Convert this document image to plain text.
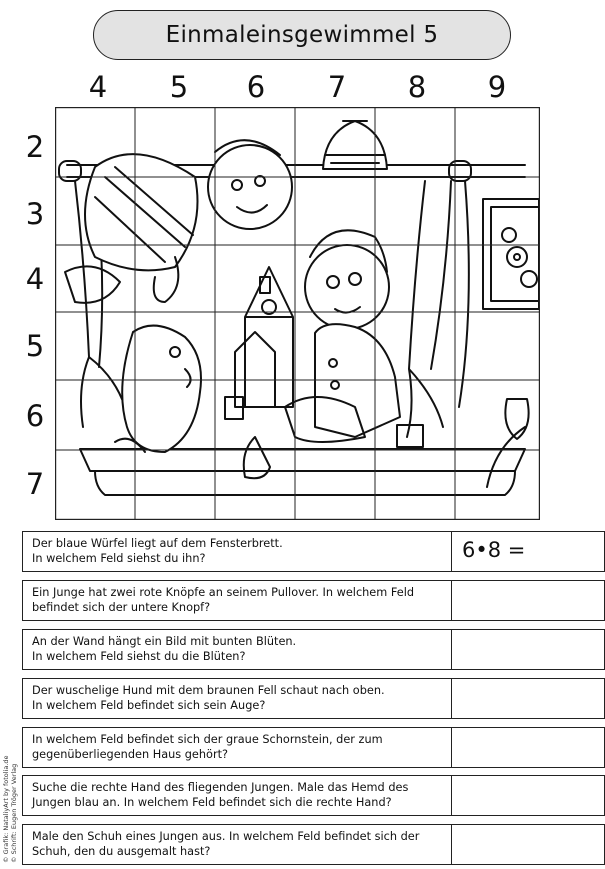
Einmaleinsgewimmel 5
4	5	6	7	8	9
2
3
4
5
6
7
Der blaue Würfel liegt auf dem Fensterbrett.
In welchem Feld siehst du ihn?	6•8 =
Ein Junge hat zwei rote Knöpfe an seinem Pullover. In welchem Feld
befindet sich der untere Knopf?
An der Wand hängt ein Bild mit bunten Blüten.
In welchem Feld siehst du die Blüten?
Der wuschelige Hund mit dem braunen Fell schaut nach oben.
In welchem Feld befindet sich sein Auge?
In welchem Feld befindet sich der graue Schornstein, der zum
gegenüberliegenden Haus gehört?
Suche die rechte Hand des fliegenden Jungen. Male das Hemd des
Jungen blau an. In welchem Feld befindet sich die rechte Hand?
Male den Schuh eines Jungen aus. In welchem Feld befindet sich der
Schuh, den du ausgemalt hast?
© Grafik: NataliyArt by fotolia.de © Schrift: Eugen Tröger Verlag
